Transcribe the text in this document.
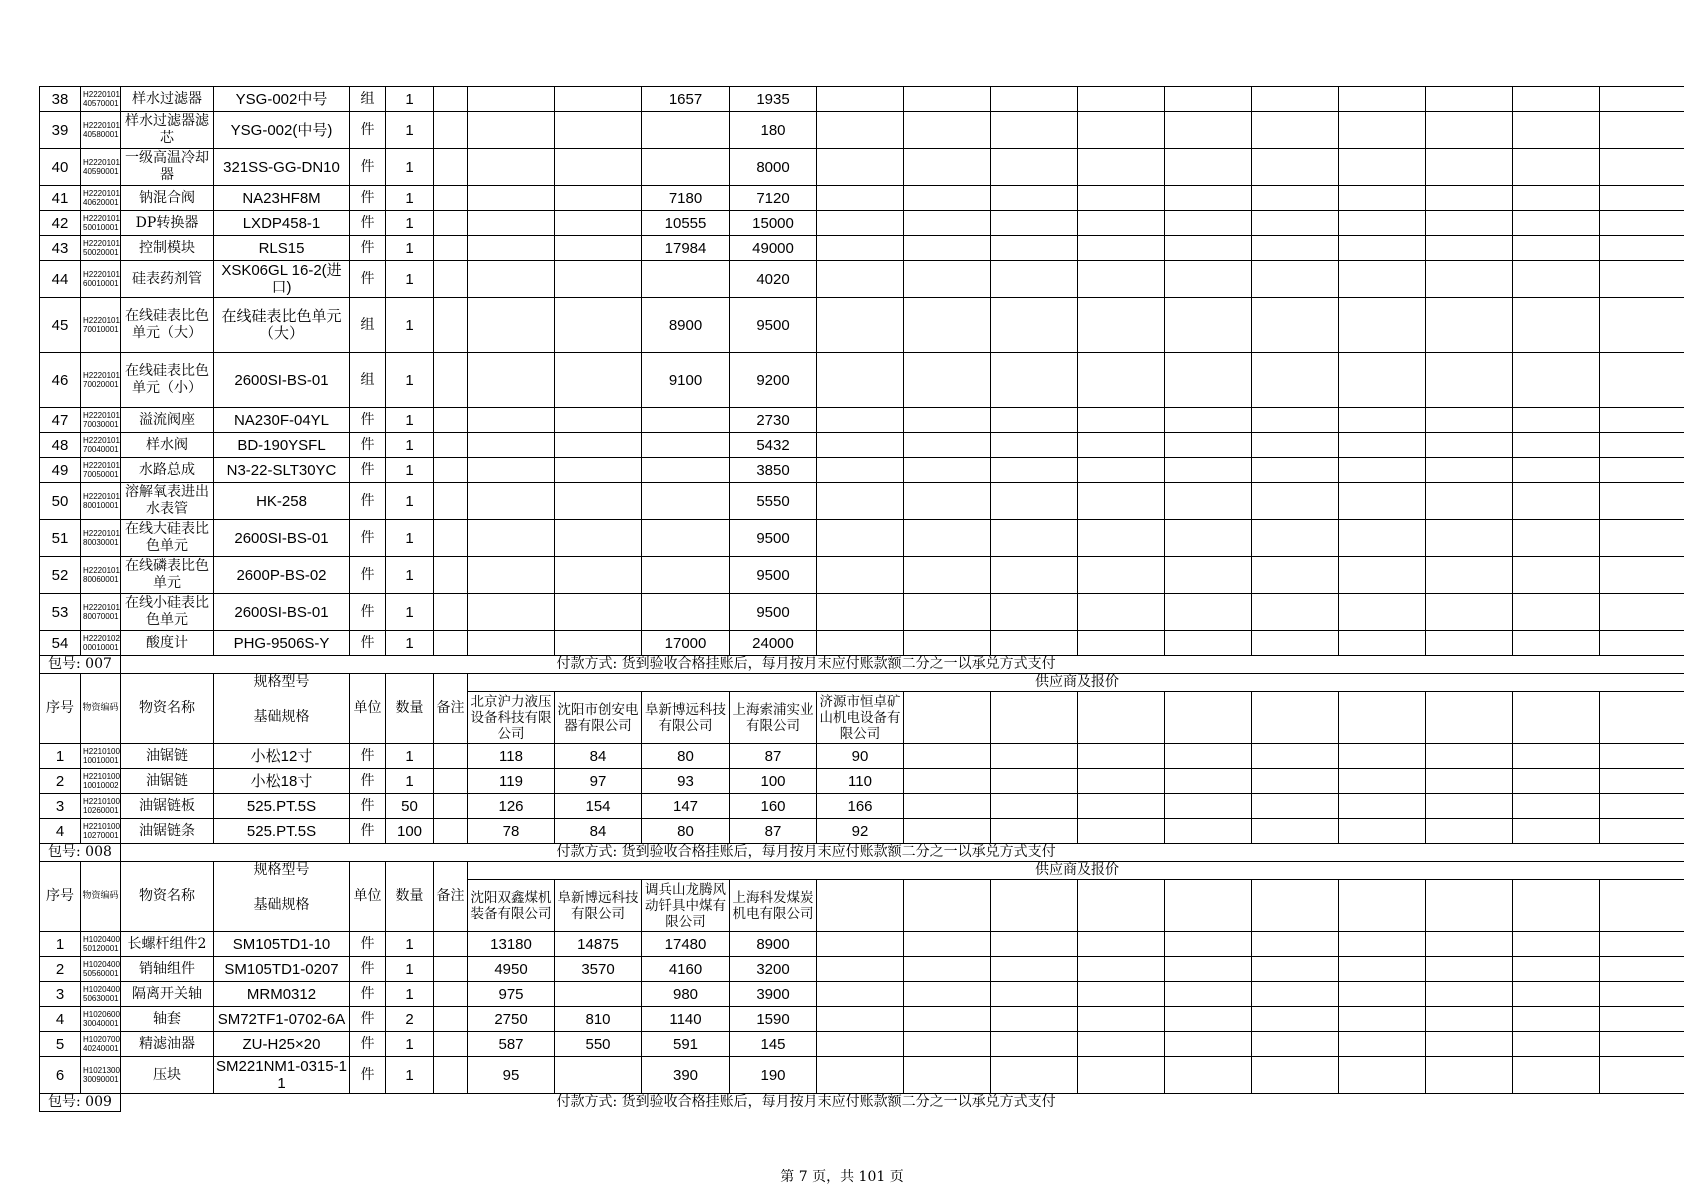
38	H2220101 40570001	样水过滤器	YSG-002中号	组	1				1657	1935										
39	H2220101 40580001	样水过滤器滤芯	YSG-002(中号)	件	1					180										
40	H2220101 40590001	一级高温冷却器	321SS-GG-DN10	件	1					8000										
41	H2220101 40620001	钠混合阀	NA23HF8M	件	1				7180	7120										
42	H2220101 50010001	DP转换器	LXDP458-1	件	1				10555	15000										
43	H2220101 50020001	控制模块	RLS15	件	1				17984	49000										
44	H2220101 60010001	硅表药剂管	XSK06GL 16-2(进口)	件	1					4020										
45	H2220101 70010001	在线硅表比色单元（大）	在线硅表比色单元（大）	组	1				8900	9500										
46	H2220101 70020001	在线硅表比色单元（小）	2600SI-BS-01	组	1				9100	9200										
47	H2220101 70030001	溢流阀座	NA230F-04YL	件	1					2730										
48	H2220101 70040001	样水阀	BD-190YSFL	件	1					5432										
49	H2220101 70050001	水路总成	N3-22-SLT30YC	件	1					3850										
50	H2220101 80010001	溶解氧表进出水表管	HK-258	件	1					5550										
51	H2220101 80030001	在线大硅表比色单元	2600SI-BS-01	件	1					9500										
52	H2220101 80060001	在线磷表比色单元	2600P-BS-02	件	1					9500										
53	H2220101 80070001	在线小硅表比色单元	2600SI-BS-01	件	1					9500										
54	H2220102 00010001	酸度计	PHG-9506S-Y	件	1				17000	24000										
包号: 007								付款方式: 货到验收合格挂账后，每月按月末应付账款额二分之一以承兑方式支付												
序号	物资编码	物资名称	规格型号	单位	数量	备注	供应商及报价													
			基础规格				北京沪力液压设备科技有限公司	沈阳市创安电器有限公司	阜新博远科技有限公司	上海索浦实业有限公司	济源市恒卓矿山机电设备有限公司									
1	H2210100 10010001	油锯链	小松12寸	件	1		118	84	80	87	90									
2	H2210100 10010002	油锯链	小松18寸	件	1		119	97	93	100	110									
3	H2210100 10260001	油锯链板	525.PT.5S	件	50		126	154	147	160	166									
4	H2210100 10270001	油锯链条	525.PT.5S	件	100		78	84	80	87	92									
包号: 008								付款方式: 货到验收合格挂账后，每月按月末应付账款额二分之一以承兑方式支付												
序号	物资编码	物资名称	规格型号	单位	数量	备注	供应商及报价													
			基础规格				沈阳双鑫煤机装备有限公司	阜新博远科技有限公司	调兵山龙腾风动钎具中煤有限公司	上海科发煤炭机电有限公司										
1	H1020400 50120001	长螺杆组件2	SM105TD1-10	件	1		13180	14875	17480	8900										
2	H1020400 50560001	销轴组件	SM105TD1-0207	件	1		4950	3570	4160	3200										
3	H1020400 50630001	隔离开关轴	MRM0312	件	1		975		980	3900										
4	H1020600 30040001	轴套	SM72TF1-0702-6A	件	2		2750	810	1140	1590										
5	H1020700 40240001	精滤油器	ZU-H25×20	件	1		587	550	591	145										
6	H1021300 30090001	压块	SM221NM1-0315-11	件	1		95		390	190										
包号: 009								付款方式: 货到验收合格挂账后，每月按月末应付账款额二分之一以承兑方式支付												
第 7 页，共 101 页
